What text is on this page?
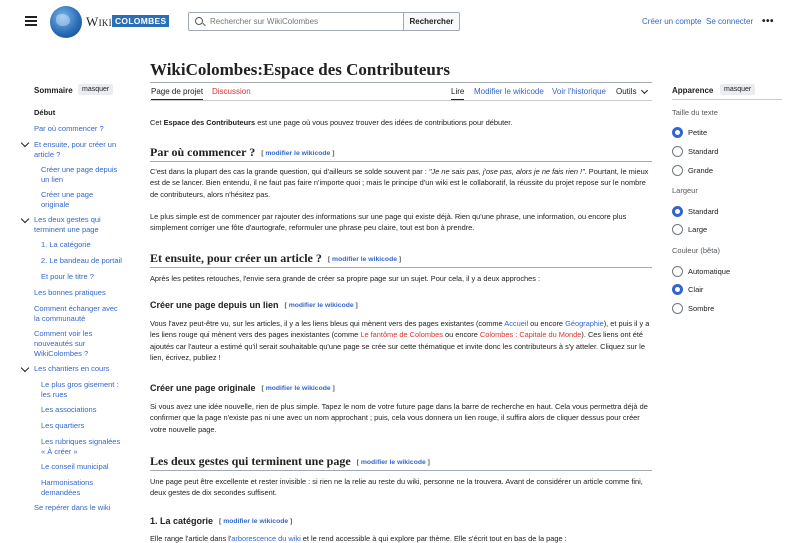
Wiki COLOMBES	Rechercher sur WikiColombes	Rechercher	Créer un compte Se connecter •••
Sommaire	masquer
Début
Par où commencer ?
Et ensuite, pour créer un
article ?
Créer une page depuis
un lien
Créer une page
originale
Les deux gestes qui
terminent une page
1. La catégorie
2. Le bandeau de portail
Et pour le titre ?
Les bonnes pratiques
Comment échanger avec
la communauté
Comment voir les
nouveautés sur
WikiColombes ?
Les chantiers en cours
Le plus gros gisement :
les rues
Les associations
Les quartiers
Les rubriques signalées
« À créer »
Le conseil municipal
Harmonisations
demandées
Se repérer dans le wiki
WikiColombes:Espace des Contributeurs
Page de projet Discussion	Lire Modifier le wikicode Voir l'historique Outils

Cet Espace des Contributeurs est une page où vous pouvez trouver des idées de contributions pour débuter.

Par où commencer ? [ modifier le wikicode ]

C'est dans la plupart des cas la grande question, qui d'ailleurs se solde souvent par : "Je ne sais pas, j'ose pas, alors je ne fais rien !". Pourtant, le mieux est de se lancer. Bien entendu, il ne faut pas faire n'importe quoi ; mais le principe d'un wiki est le collaboratif, la réussite du projet repose sur le nombre de contributeurs, alors n'hésitez pas.

Le plus simple est de commencer par rajouter des informations sur une page qui existe déjà. Rien qu'une phrase, une information, ou encore plus simplement corriger une fôte d'aurtografe, reformuler une phrase peu claire, tout est bon à prendre.

Et ensuite, pour créer un article ? [ modifier le wikicode ]

Après les petites retouches, l'envie sera grande de créer sa propre page sur un sujet. Pour cela, il y a deux approches :

Créer une page depuis un lien [ modifier le wikicode ]

Vous l'avez peut-être vu, sur les articles, il y a les liens bleus qui mènent vers des pages existantes (comme Accueil ou encore Géographie), et puis il y a les liens rouge qui mènent vers des pages inexistantes (comme Le fantôme de Colombes ou encore Colombes : Capitale du Monde). Ces liens ont été ajoutés car l'auteur a estimé qu'il serait souhaitable qu'une page se crée sur cette thématique et invite donc les contributeurs à s'y atteler. Cliquez sur le lien, écrivez, publiez !

Créer une page originale [ modifier le wikicode ]

Si vous avez une idée nouvelle, rien de plus simple. Tapez le nom de votre future page dans la barre de recherche en haut. Cela vous permettra déjà de confirmer que la page n'existe pas ni une avec un nom approchant ; puis, cela vous donnera un lien rouge, il suffira alors de cliquer dessus pour créer votre nouvelle page.

Les deux gestes qui terminent une page [ modifier le wikicode ]

Une page peut être excellente et rester invisible : si rien ne la relie au reste du wiki, personne ne la trouvera. Avant de considérer un article comme fini, deux gestes de dix secondes suffisent.

1. La catégorie [ modifier le wikicode ]

Elle range l'article dans l'arborescence du wiki et le rend accessible à qui explore par thème. Elle s'écrit tout en bas de la page :

Apparence	masquer
Taille du texte
Petite
Standard
Grande
Largeur
Standard
Large
Couleur (bêta)
Automatique
Clair
Sombre
